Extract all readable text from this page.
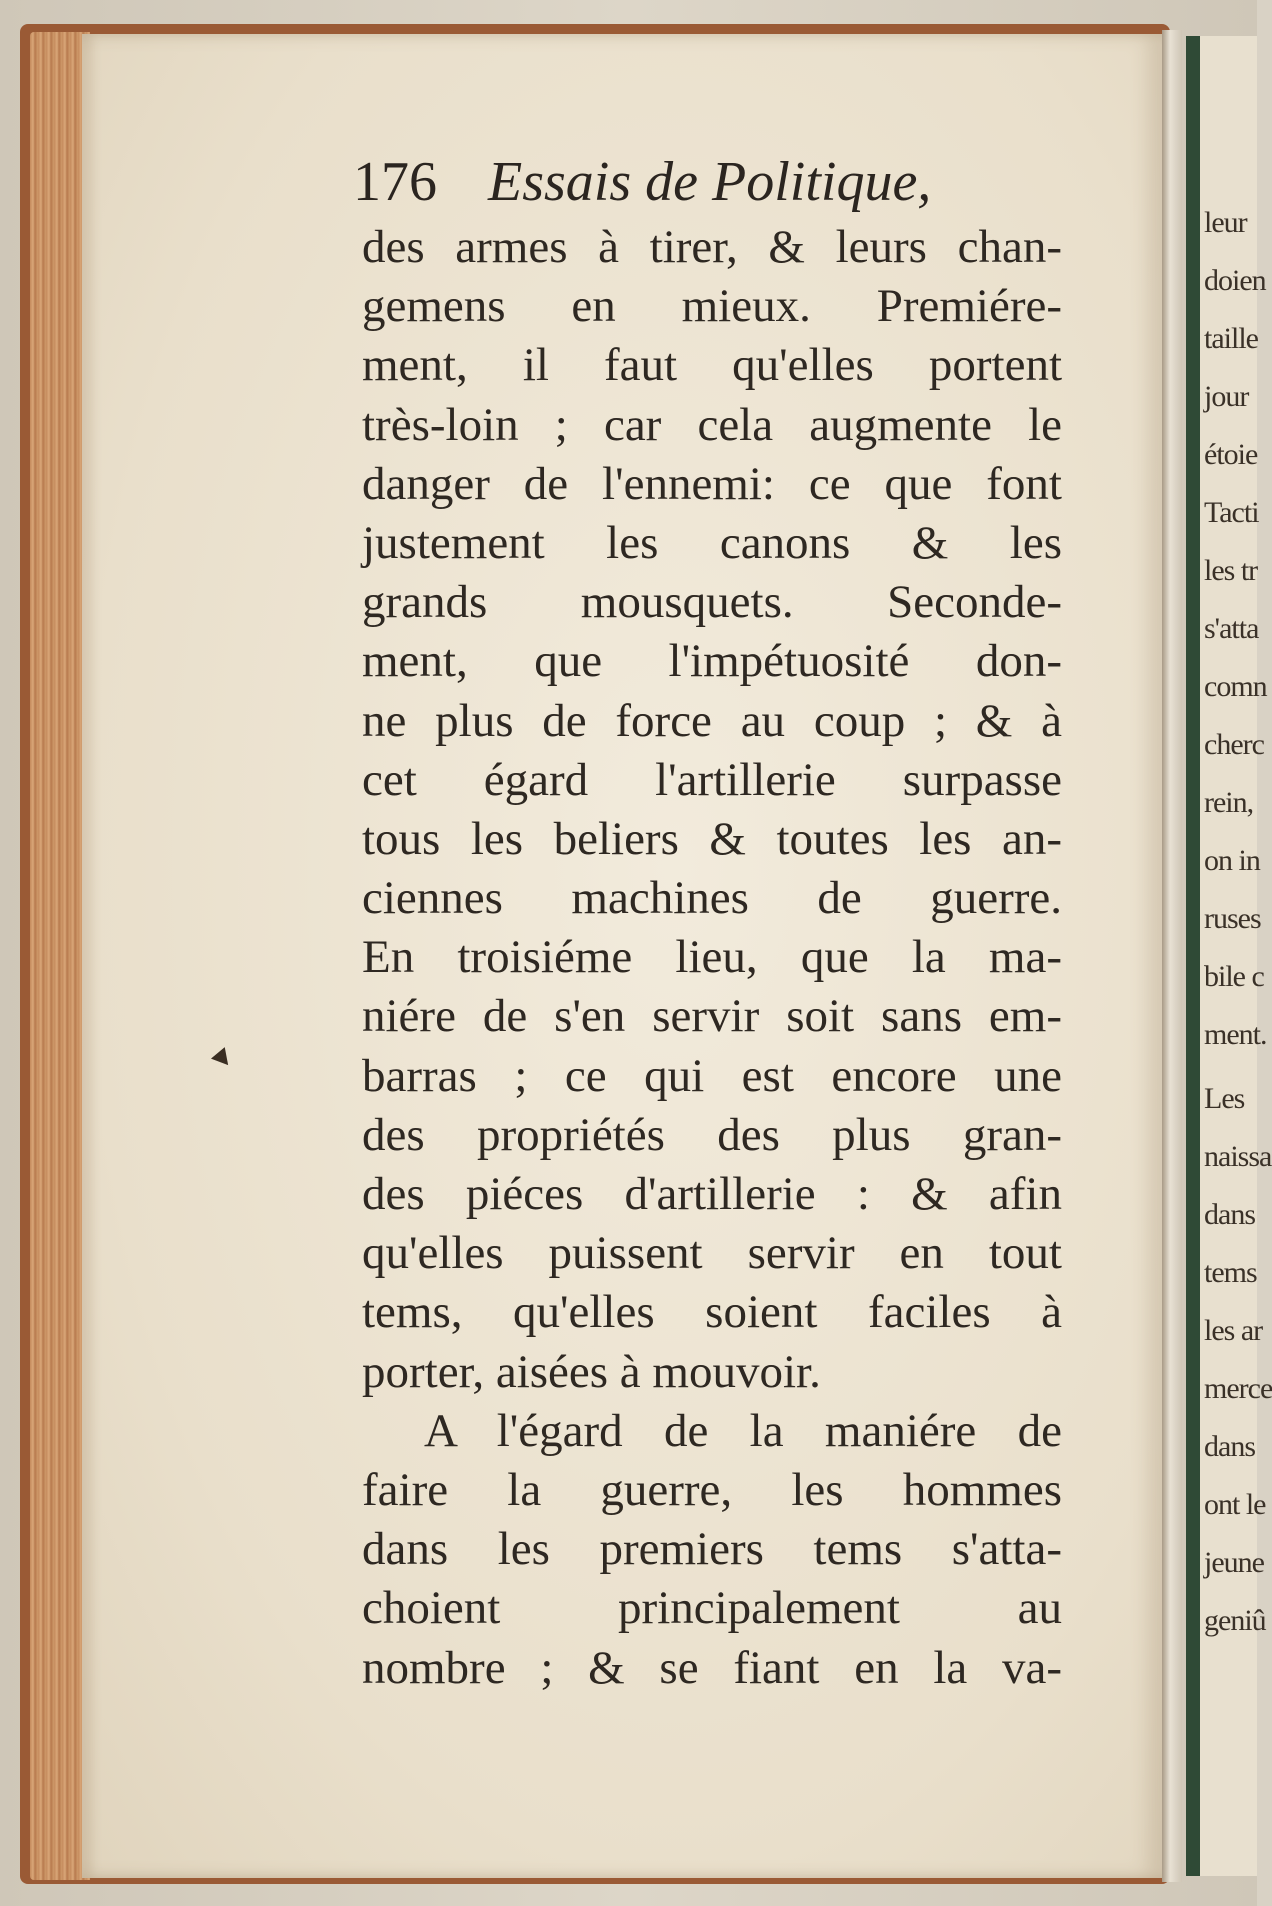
176 Essais de Politique,
des armes à tirer, & leurs chan-
gemens en mieux. Premiére-
ment, il faut qu'elles portent
très-loin ; car cela augmente le
danger de l'ennemi: ce que font
justement les canons & les
grands mousquets. Seconde-
ment, que l'impétuosité don-
ne plus de force au coup ; & à
cet égard l'artillerie surpasse
tous les beliers & toutes les an-
ciennes machines de guerre.
En troisiéme lieu, que la ma-
niére de s'en servir soit sans em-
barras ; ce qui est encore une
des propriétés des plus gran-
des piéces d'artillerie : & afin
qu'elles puissent servir en tout
tems, qu'elles soient faciles à
porter, aisées à mouvoir.
A l'égard de la maniére de
faire la guerre, les hommes
dans les premiers tems s'atta-
choient principalement au
nombre ; & se fiant en la va-
leur
doien
taille
jour
étoie
Tacti
les tr
s'atta
comn
cherc
rein,
on in
ruses
bile c
ment.
Les
naissa
dans
tems
les ar
merce
dans
ont le
jeune
geniû
